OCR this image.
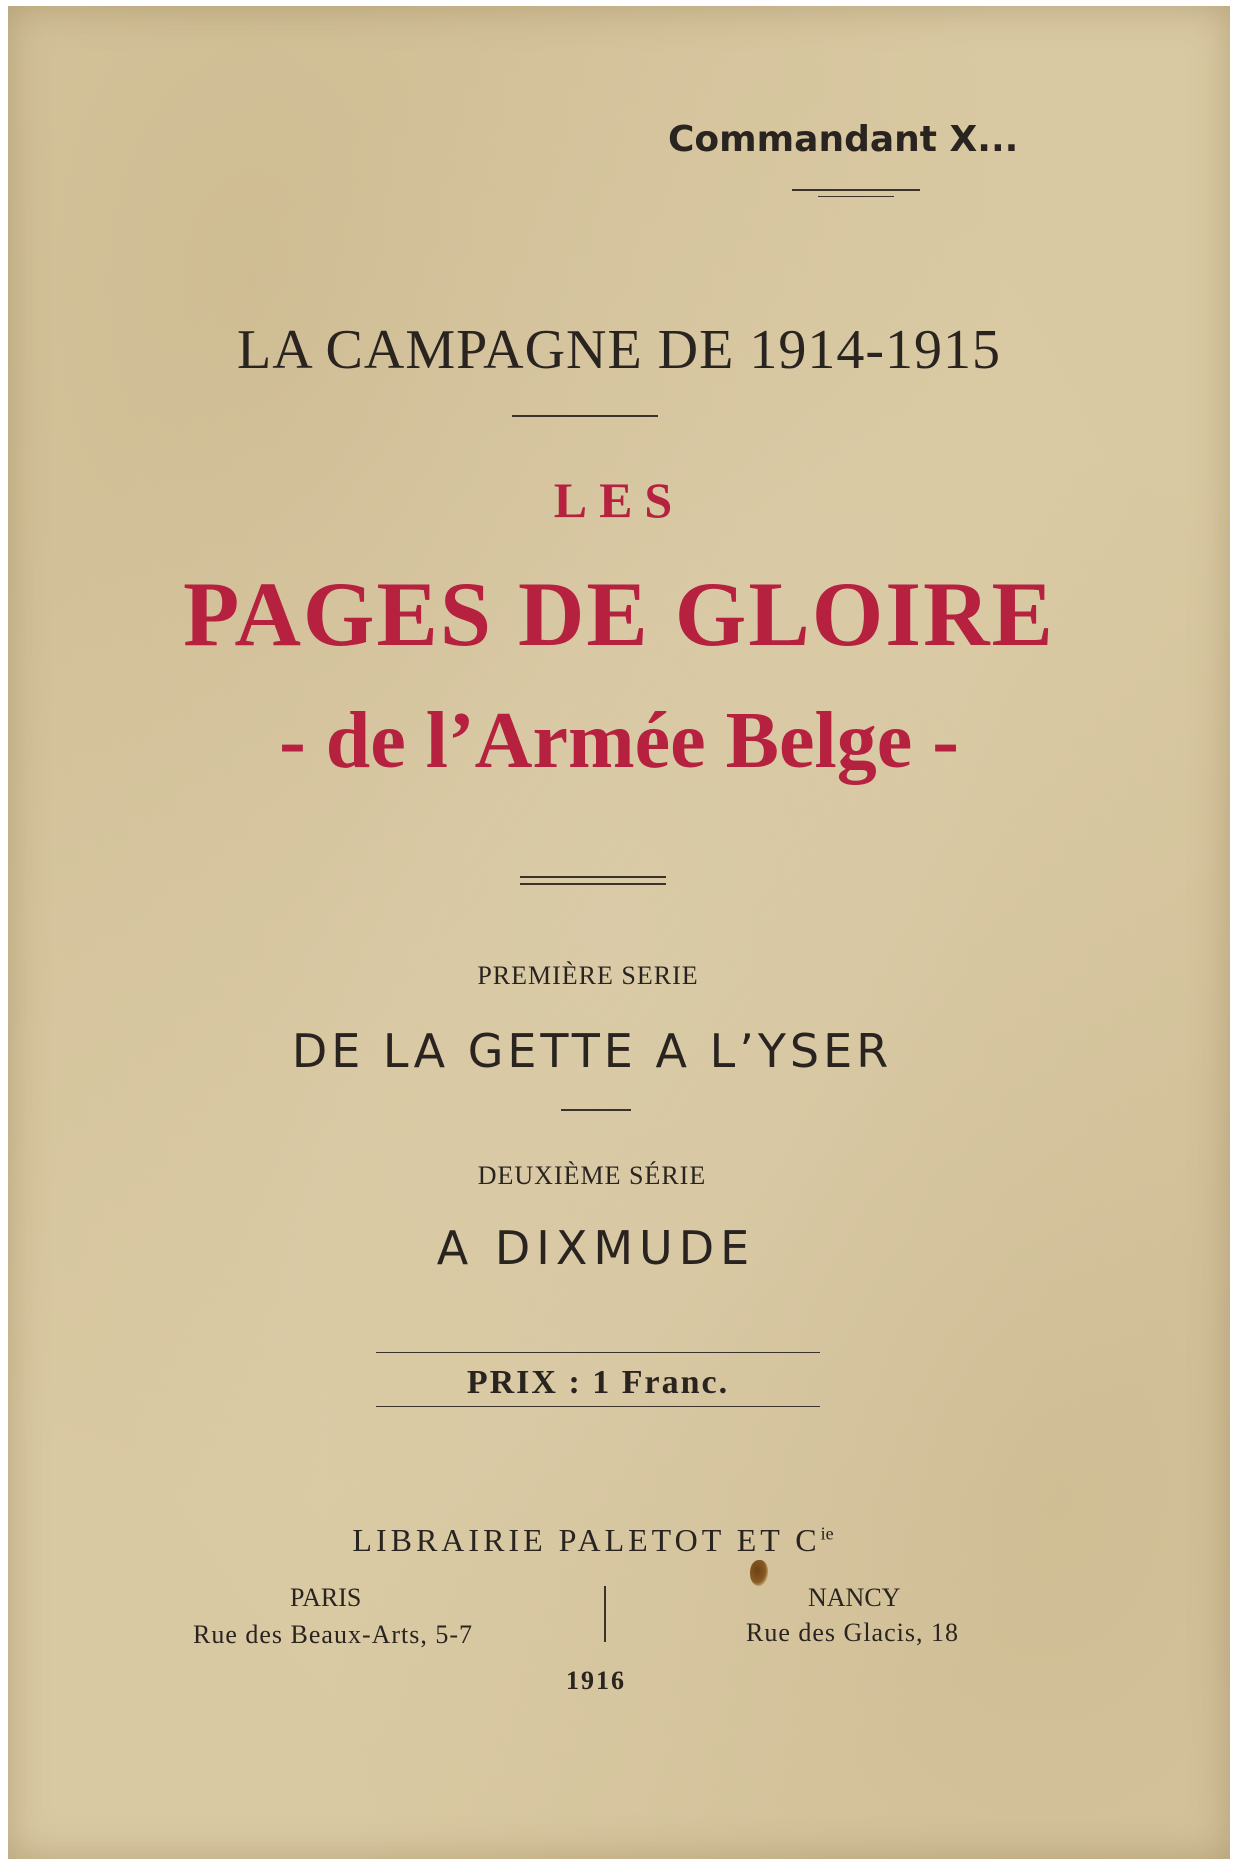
Commandant X...
LA CAMPAGNE DE 1914-1915
LES
PAGES DE GLOIRE
- de l’Armée Belge -
PREMIÈRE SERIE
DE LA GETTE A L’YSER
DEUXIÈME SÉRIE
A DIXMUDE
PRIX : 1 Franc.
LIBRAIRIE PALETOT ET $C^{ie}$
PARIS
Rue des Beaux-Arts, 5-7
NANCY
Rue des Glacis, 18
1916
